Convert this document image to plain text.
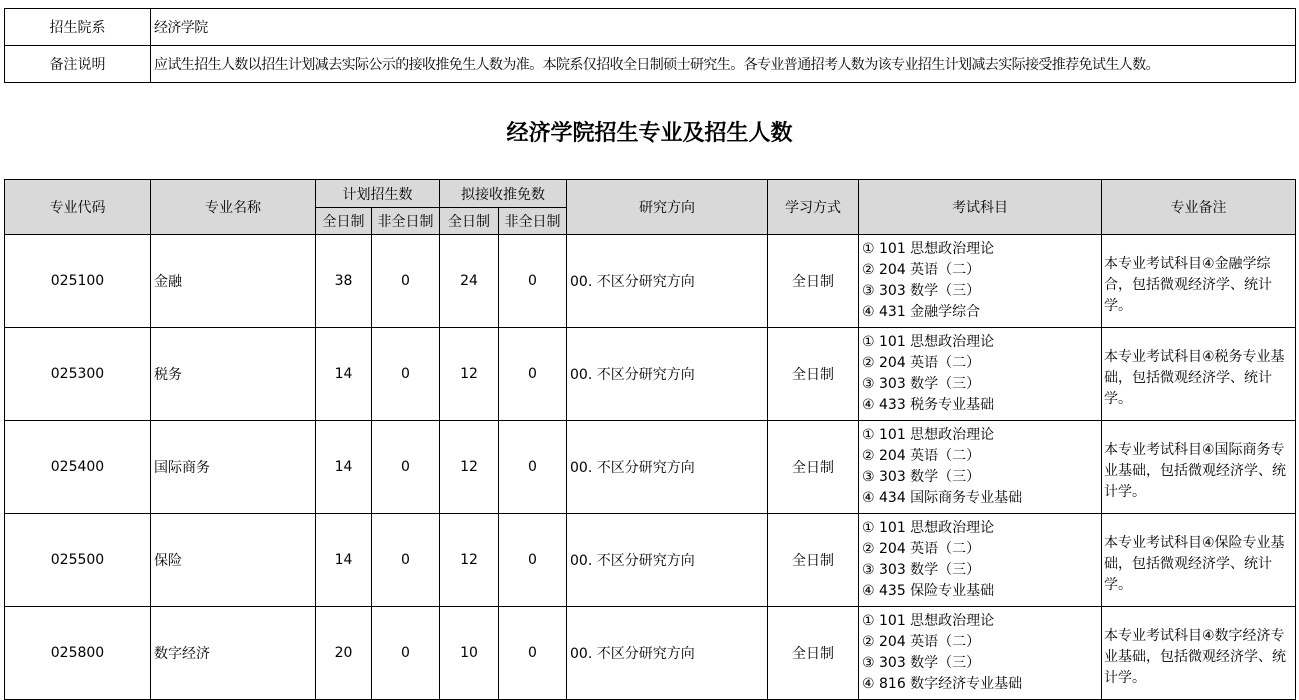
招生院系	经济学院
备注说明	应试生招生人数以招生计划减去实际公示的接收推免生人数为准。本院系仅招收全日制硕士研究生。各专业普通招考人数为该专业招生计划减去实际接受推荐免试生人数。
经济学院招生专业及招生人数
专业代码	专业名称	计划招生数		拟接收推免数		研究方向	学习方式	考试科目	专业备注
		全日制	非全日制	全日制	非全日制				
025100	金融	38	0	24	0	00. 不区分研究方向	全日制	① 101 思想政治理论
② 204 英语（二）
③ 303 数学（三）
④ 431 金融学综合	本专业考试科目④金融学综合，包括微观经济学、统计学。
025300	税务	14	0	12	0	00. 不区分研究方向	全日制	① 101 思想政治理论
② 204 英语（二）
③ 303 数学（三）
④ 433 税务专业基础	本专业考试科目④税务专业基础，包括微观经济学、统计学。
025400	国际商务	14	0	12	0	00. 不区分研究方向	全日制	① 101 思想政治理论
② 204 英语（二）
③ 303 数学（三）
④ 434 国际商务专业基础	本专业考试科目④国际商务专业基础，包括微观经济学、统计学。
025500	保险	14	0	12	0	00. 不区分研究方向	全日制	① 101 思想政治理论
② 204 英语（二）
③ 303 数学（三）
④ 435 保险专业基础	本专业考试科目④保险专业基础，包括微观经济学、统计学。
025800	数字经济	20	0	10	0	00. 不区分研究方向	全日制	① 101 思想政治理论
② 204 英语（二）
③ 303 数学（三）
④ 816 数字经济专业基础	本专业考试科目④数字经济专业基础，包括微观经济学、统计学。
